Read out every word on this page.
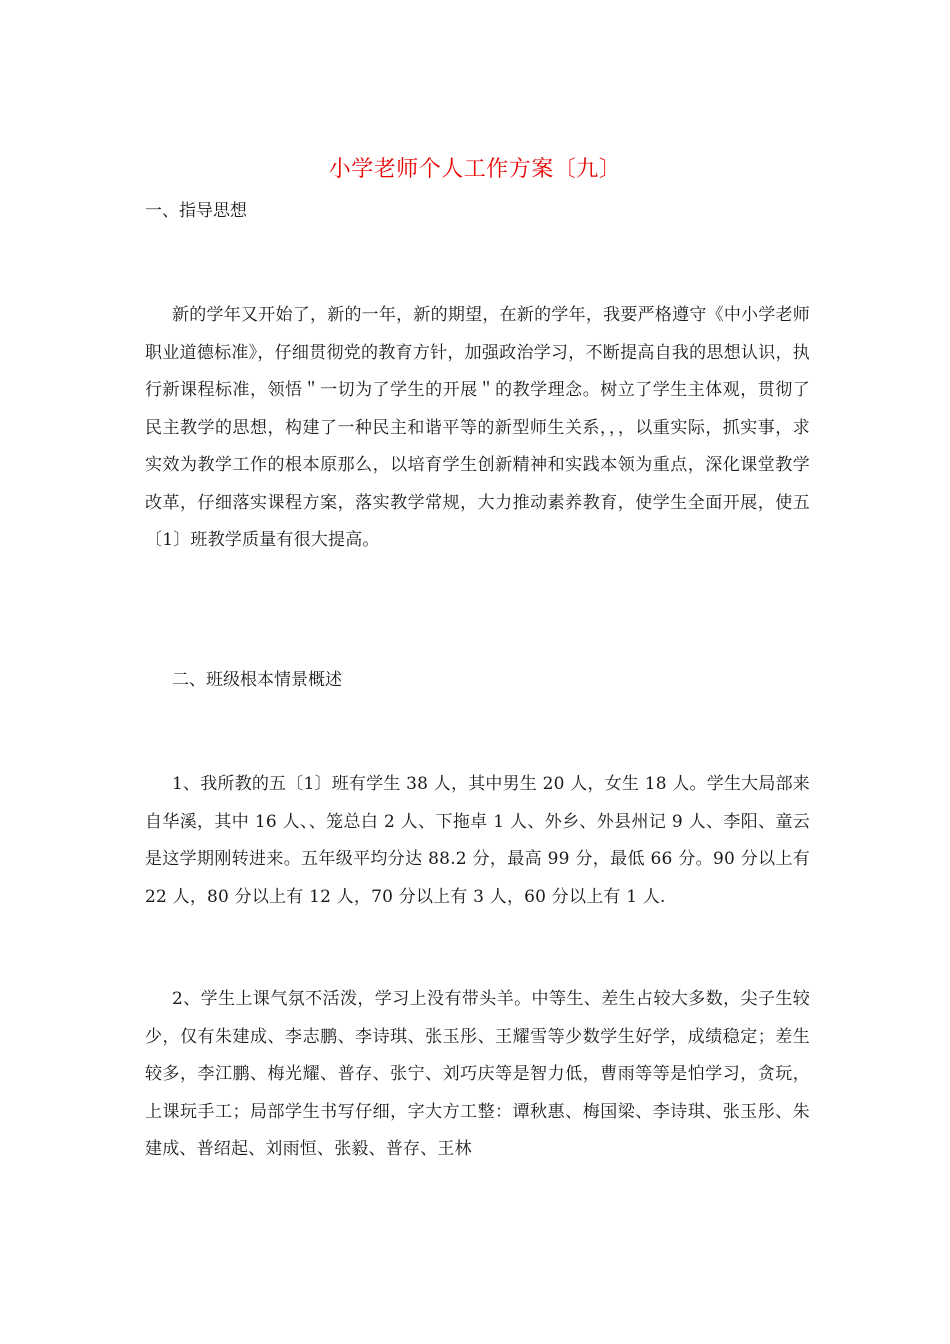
小学老师个人工作方案〔九〕
一、指导思想

新的学年又开始了，新的一年，新的期望，在新的学年，我要严格遵守《中小学老师职业道德标准》，仔细贯彻党的教育方针，加强政治学习，不断提高自我的思想认识，执行新课程标准，领悟＂一切为了学生的开展＂的教学理念。树立了学生主体观，贯彻了民主教学的思想，构建了一种民主和谐平等的新型师生关系，，，以重实际，抓实事，求实效为教学工作的根本原那么，以培育学生创新精神和实践本领为重点，深化课堂教学改革，仔细落实课程方案，落实教学常规，大力推动素养教育，使学生全面开展，使五〔1〕班教学质量有很大提高。

二、班级根本情景概述

1、我所教的五〔1〕班有学生 38 人，其中男生 20 人，女生 18 人。学生大局部来自华溪，其中 16 人、、笼总白 2 人、下拖卓 1 人、外乡、外县州记 9 人、李阳、童云是这学期刚转进来。五年级平均分达 88.2 分，最高 99 分，最低 66 分。90 分以上有 22 人，80 分以上有 12 人，70 分以上有 3 人，60 分以上有 1 人.

2、学生上课气氛不活泼，学习上没有带头羊。中等生、差生占较大多数，尖子生较少，仅有朱建成、李志鹏、李诗琪、张玉彤、王耀雪等少数学生好学，成绩稳定；差生较多，李江鹏、梅光耀、普存、张宁、刘巧庆等是智力低，曹雨等等是怕学习，贪玩，上课玩手工；局部学生书写仔细，字大方工整：谭秋惠、梅国梁、李诗琪、张玉彤、朱建成、普绍起、刘雨恒、张毅、普存、王林
